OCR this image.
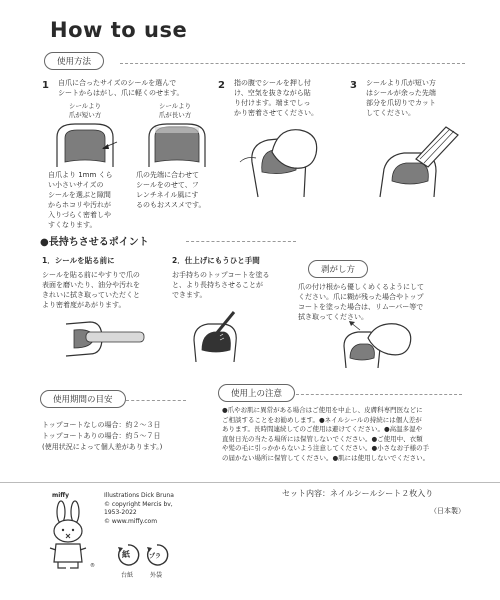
How to use
使用方法
1 自爪に合ったサイズのシールを選んで
シートからはがし、爪に軽くのせます。
シールより
爪が短い方
シールより
爪が長い方
自爪より 1mm くら
い小さいサイズの
シールを選ぶと隙間
からホコリや汚れが
入りづらく密着しや
すくなります。
爪の先端に合わせて
シールをのせて、フ
レンチネイル風にす
るのもおススメです。
2 指の腹でシールを押し付
け、空気を抜きながら貼
り付けます。端までしっ
かり密着させてください。
3 シールより爪が短い方
はシールが余った先端
部分を爪切りでカット
してください。
●長持ちさせるポイント
1．シールを貼る前に
シールを貼る前にやすりで爪の
表面を磨いたり、油分や汚れを
きれいに拭き取っていただくと
より密着度があがります。
2．仕上げにもうひと手間
お手持ちのトップコートを塗る
と、より長持ちさせることが
できます。
剥がし方
爪の付け根から優しくめくるようにして
ください。爪に糊が残った場合やトップ
コートを塗った場合は、リムーバー等で
拭き取ってください。
使用期間の目安
トップコートなしの場合：約２〜３日
トップコートありの場合：約５〜７日
(使用状況によって個人差があります。)
使用上の注意
●爪やお肌に異常がある場合はご使用を中止し、皮膚科専門医などに
ご相談することをお勧めします。●ネイルシールの持続には個人差が
あります。長時間連続してのご使用は避けてください。●高温多湿や
直射日光の当たる場所には保管しないでください。●ご使用中、衣類
や髪の毛に引っかからないよう注意してください。●小さなお子様の手
の届かない場所に保管してください。●肌には使用しないでください。
miffy
®
Illustrations Dick Bruna
© copyright Mercis bv,
1953-2022
© www.miffy.com
紙
台紙
プラ
外袋
セット内容：ネイルシールシート２枚入り
（日本製）
